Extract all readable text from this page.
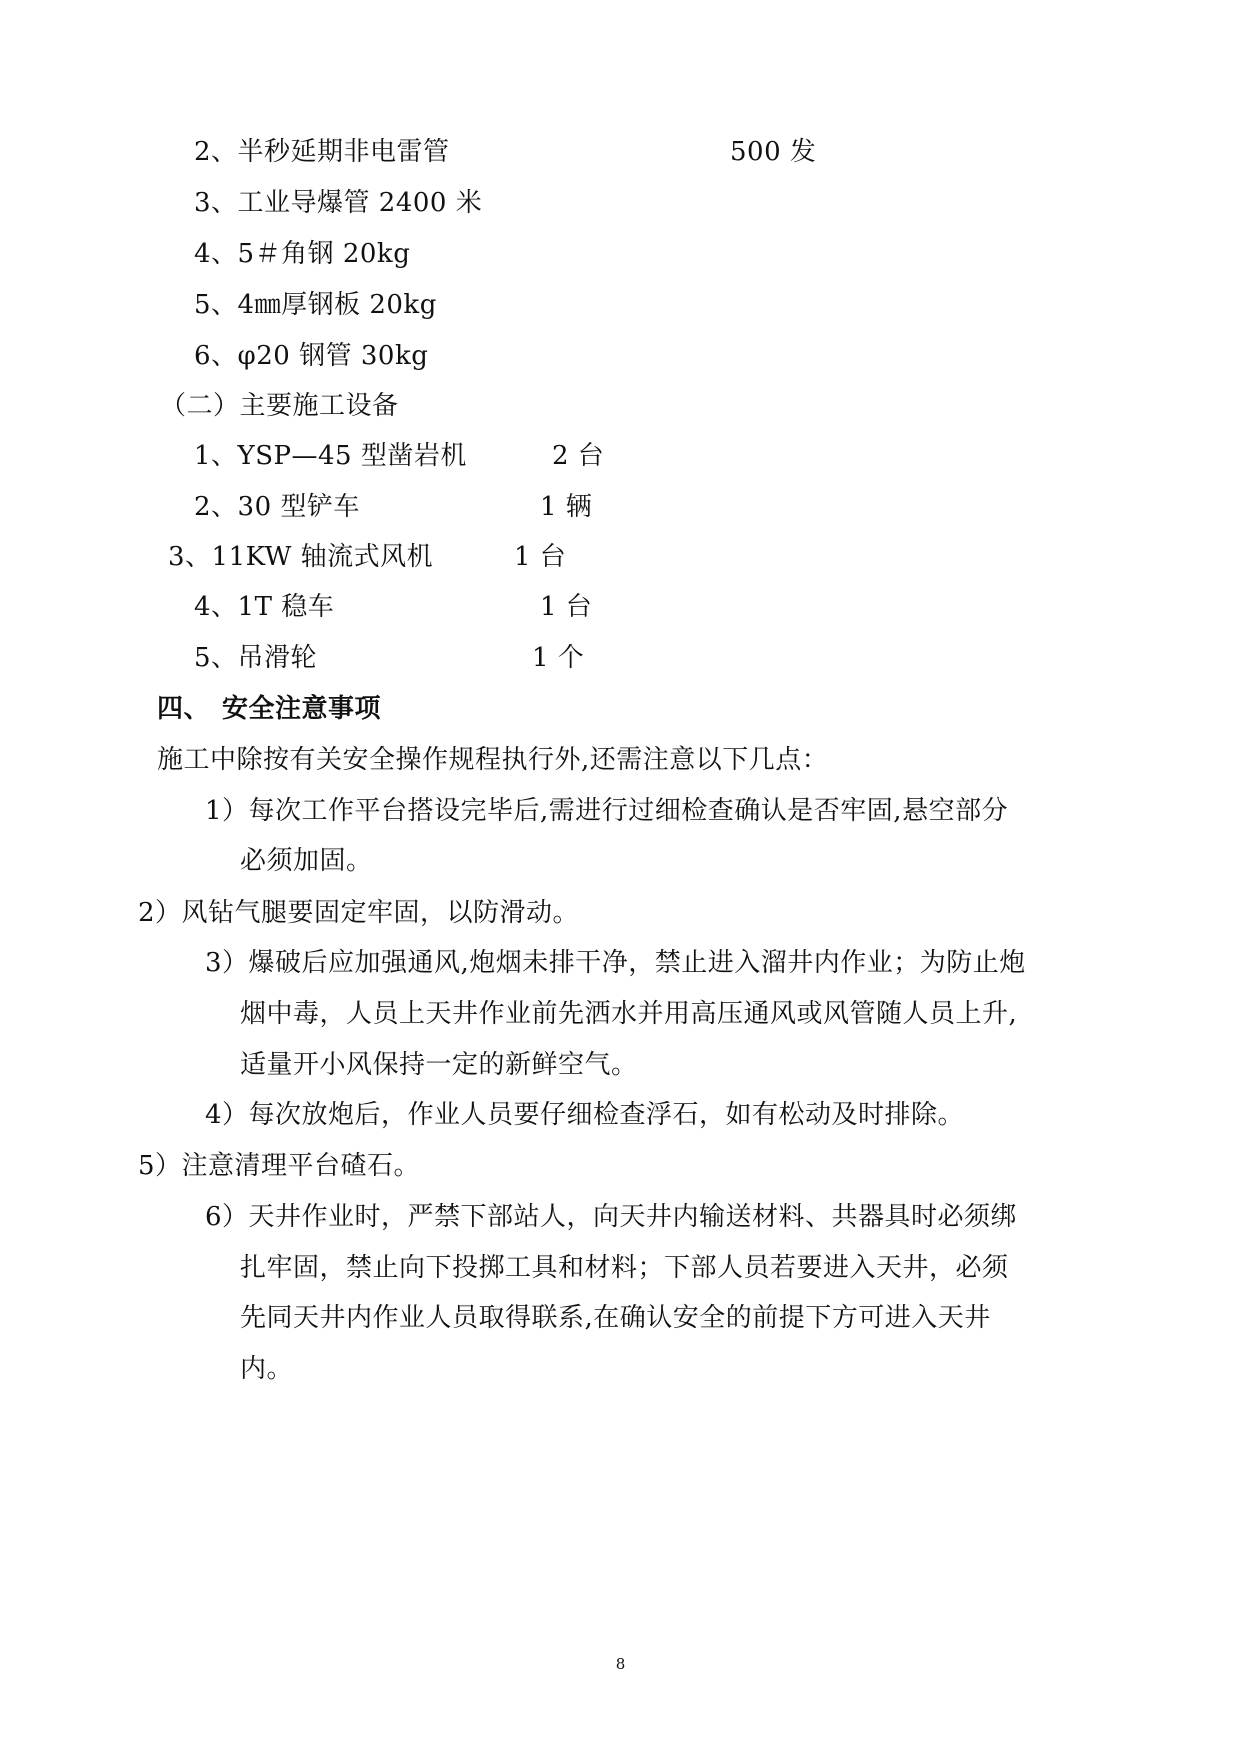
2、半秒延期非电雷管	500 发
3、工业导爆管 2400 米
4、5＃角钢 20kg
5、4㎜厚钢板 20kg
6、φ20 钢管 30kg
（二）主要施工设备
1、YSP—45 型凿岩机	2 台
2、30 型铲车	1 辆
3、11KW 轴流式风机	1 台
4、1T 稳车	1 台
5、吊滑轮	1 个
四、 安全注意事项
施工中除按有关安全操作规程执行外,还需注意以下几点：
1）每次工作平台搭设完毕后,需进行过细检查确认是否牢固,悬空部分
必须加固。
2）风钻气腿要固定牢固，以防滑动。
3）爆破后应加强通风,炮烟未排干净，禁止进入溜井内作业；为防止炮
烟中毒，人员上天井作业前先洒水并用高压通风或风管随人员上升,
适量开小风保持一定的新鲜空气。
4）每次放炮后，作业人员要仔细检查浮石，如有松动及时排除。
5）注意清理平台碴石。
6）天井作业时，严禁下部站人，向天井内输送材料、共器具时必须绑
扎牢固，禁止向下投掷工具和材料；下部人员若要进入天井，必须
先同天井内作业人员取得联系,在确认安全的前提下方可进入天井
内。
8
